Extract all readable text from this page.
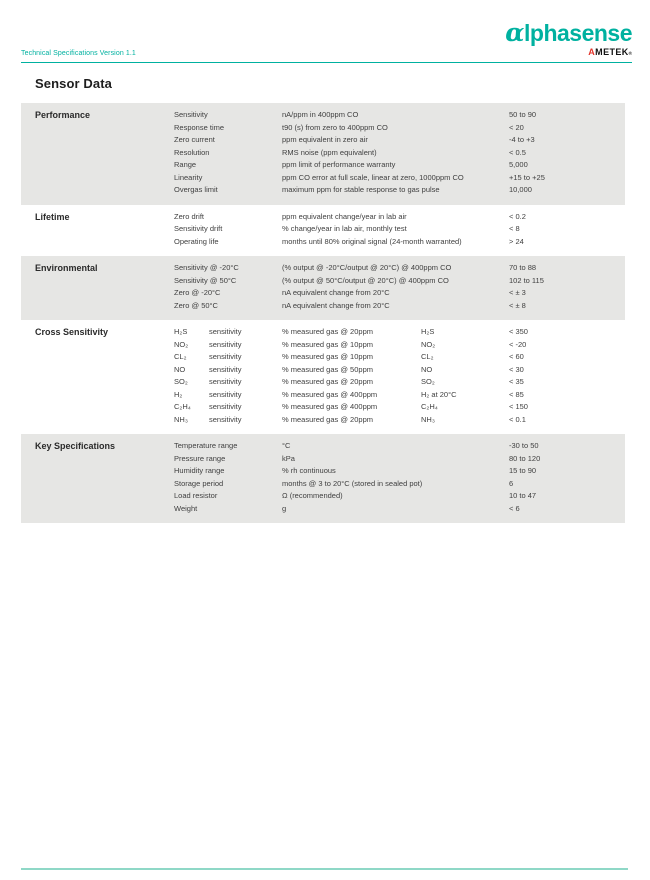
αlphasense
AMETEK ®
Technical Specifications Version 1.1
Sensor Data
Performance	Sensitivity	nA/ppm in 400ppm CO	50 to 90
Response time	t90 (s) from zero to 400ppm CO	< 20
Zero current	ppm equivalent in zero air	-4 to +3
Resolution	RMS noise (ppm equivalent)	< 0.5
Range	ppm limit of performance warranty	5,000
Linearity	ppm CO error at full scale, linear at zero, 1000ppm CO	+15 to +25
Overgas limit	maximum ppm for stable response to gas pulse	10,000
Lifetime	Zero drift	ppm equivalent change/year in lab air	< 0.2
Sensitivity drift	% change/year in lab air, monthly test	< 8
Operating life	months until 80% original signal (24-month warranted)	> 24
Environmental	Sensitivity @ -20°C	(% output @ -20°C/output @ 20°C) @ 400ppm CO	70 to 88
Sensitivity @ 50°C	(% output @ 50°C/output @ 20°C) @ 400ppm CO	102 to 115
Zero @ -20°C	nA equivalent change from 20°C	< ± 3
Zero @ 50°C	nA equivalent change from 20°C	< ± 8
Cross Sensitivity	H₂S	sensitivity	% measured gas @ 20ppm	H₂S	< 350
NO₂	sensitivity	% measured gas @ 10ppm	NO₂	< -20
CL₂	sensitivity	% measured gas @ 10ppm	CL₂	< 60
NO	sensitivity	% measured gas @ 50ppm	NO	< 30
SO₂	sensitivity	% measured gas @ 20ppm	SO₂	< 35
H₂	sensitivity	% measured gas @ 400ppm	H₂ at 20°C	< 85
C₂H₄ sensitivity	% measured gas @ 400ppm	C₂H₄	< 150
NH₃	sensitivity	% measured gas @ 20ppm	NH₃	< 0.1
Key Specifications	Temperature range	°C	-30 to 50
Pressure range	kPa	80 to 120
Humidity range	% rh continuous	15 to 90
Storage period	months @ 3 to 20°C (stored in sealed pot)	6
Load resistor	Ω (recommended)	10 to 47
Weight	g	< 6
